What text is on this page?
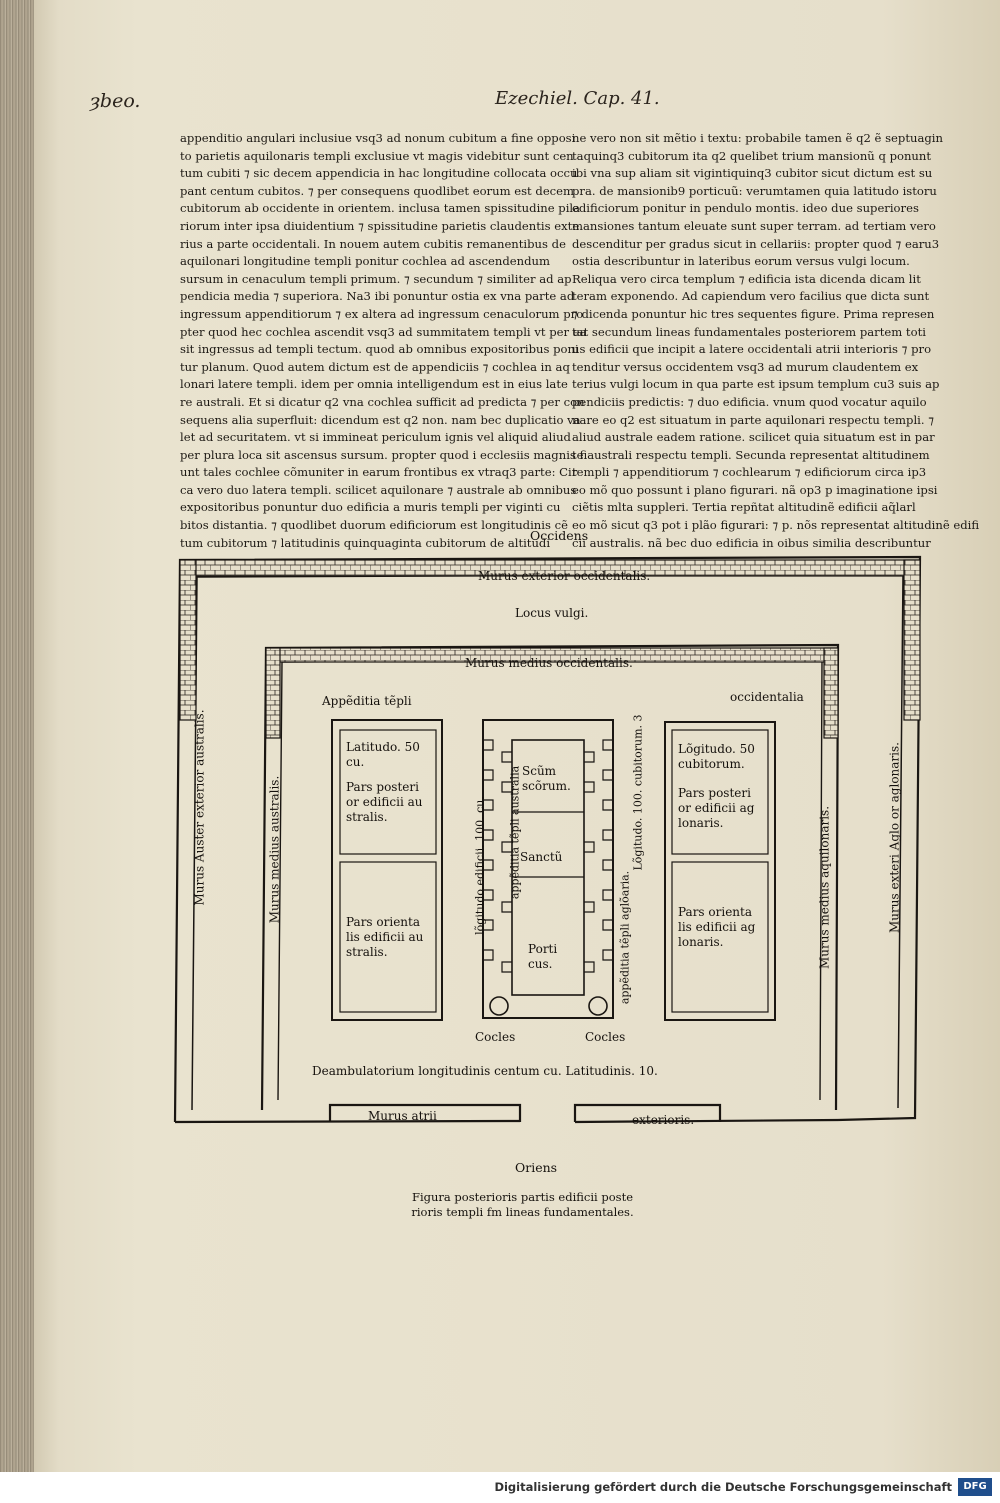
ȝbeo.	Ezechiel. Cap. 41.
appenditio angulari inclusiue vsq3 ad nonum cubitum a fine opposi
to parietis aquilonaris templi exclusiue vt magis videbitur sunt cen
tum cubiti ⁊ sic decem appendicia in hac longitudine collocata occu
pant centum cubitos. ⁊ per consequens quodlibet eorum est decem
cubitorum ab occidente in orientem. inclusa tamen spissitudine pila
riorum inter ipsa diuidentium ⁊ spissitudine parietis claudentis exte
rius a parte occidentali. In nouem autem cubitis remanentibus de
aquilonari longitudine templi ponitur cochlea ad ascendendum
sursum in cenaculum templi primum. ⁊ secundum ⁊ similiter ad ap
pendicia media ⁊ superiora. Na3 ibi ponuntur ostia ex vna parte ad
ingressum appenditiorum ⁊ ex altera ad ingressum cenaculorum pro
pter quod hec cochlea ascendit vsq3 ad summitatem templi vt per ea
sit ingressus ad templi tectum. quod ab omnibus expositoribus poni
tur planum. Quod autem dictum est de appendiciis ⁊ cochlea in aq
lonari latere templi. idem per omnia intelligendum est in eius late
re australi. Et si dicatur q2 vna cochlea sufficit ad predicta ⁊ per con
sequens alia superfluit: dicendum est q2 non. nam bec duplicatio va
let ad securitatem. vt si immineat periculum ignis vel aliquid aliud
per plura loca sit ascensus sursum. propter quod i ecclesiis magnis fi
unt tales cochlee cõmuniter in earum frontibus ex vtraq3 parte: Cir
ca vero duo latera templi. scilicet aquilonare ⁊ australe ab omnibus
expositoribus ponuntur duo edificia a muris templi per viginti cu
bitos distantia. ⁊ quodlibet duorum edificiorum est longitudinis cẽ
tum cubitorum ⁊ latitudinis quinquaginta cubitorum de altitudi
ne vero non sit mẽtio i textu: probabile tamen ẽ q2 ẽ septuagin
taquinq3 cubitorum ita q2 quelibet trium mansionũ q ponunt
ibi vna sup aliam sit vigintiquinq3 cubitor sicut dictum est su
pra. de mansionib9 porticuũ: verumtamen quia latitudo istoru
edificiorum ponitur in pendulo montis. ideo due superiores
mansiones tantum eleuate sunt super terram. ad tertiam vero
descenditur per gradus sicut in cellariis: propter quod ⁊ earu3
ostia describuntur in lateribus eorum versus vulgi locum.
Reliqua vero circa templum ⁊ edificia ista dicenda dicam lit
teram exponendo. Ad capiendum vero facilius que dicta sunt
⁊ dicenda ponuntur hic tres sequentes figure. Prima represen
tat secundum lineas fundamentales posteriorem partem toti
us edificii que incipit a latere occidentali atrii interioris ⁊ pro
tenditur versus occidentem vsq3 ad murum claudentem ex
terius vulgi locum in qua parte est ipsum templum cu3 suis ap
pendiciis predictis: ⁊ duo edificia. vnum quod vocatur aquilo
nare eo q2 est situatum in parte aquilonari respectu templi. ⁊
aliud australe eadem ratione. scilicet quia situatum est in par
te australi respectu templi. Secunda representat altitudinem
templi ⁊ appenditiorum ⁊ cochlearum ⁊ edificiorum circa ip3
eo mõ quo possunt i plano figurari. nã op3 p imaginatione ipsi
ciẽtis mlta suppleri. Tertia repñtat altitudinẽ edificii aq̃larl
eo mõ sicut q3 pot i plão figurari: ⁊ p. nõs representat altitudinẽ edifi
cii australis. nã bec duo edificia in oibus similia describuntur
Occidens
Murus exterior occidentalis.
Locus vulgi.
Murus medius occidentalis.
Appẽditia tẽpli	occidentalia
Murus Auster exterior australis.	Murus medius australis.	lõgitudo edificii. 100. cu. appẽditia tẽpli australia	Lõgitudo. 100. cubitorum. 3
appẽditia tẽpli aglõaria.	Murus medius aquilonaris.	Murus exteri Aglo or aglonaris.
Latitudo. 50 cu.
Pars posteri or edificii au stralis.
Pars orienta lis edificii au stralis.
Lõgitudo. 50 cubitorum.
Pars posteri or edificii ag lonaris.
Pars orienta lis edificii ag lonaris.
Scũm scõrum.
Sanctũ
Porti cus.
Cocles	Cocles
Deambulatorium longitudinis centum cu. Latitudinis. 10.
Murus atrii	exterioris.
Oriens
Figura posterioris partis edificii poste rioris templi fm lineas fundamentales.
Digitalisierung gefördert durch die Deutsche Forschungsgemeinschaft	DFG
